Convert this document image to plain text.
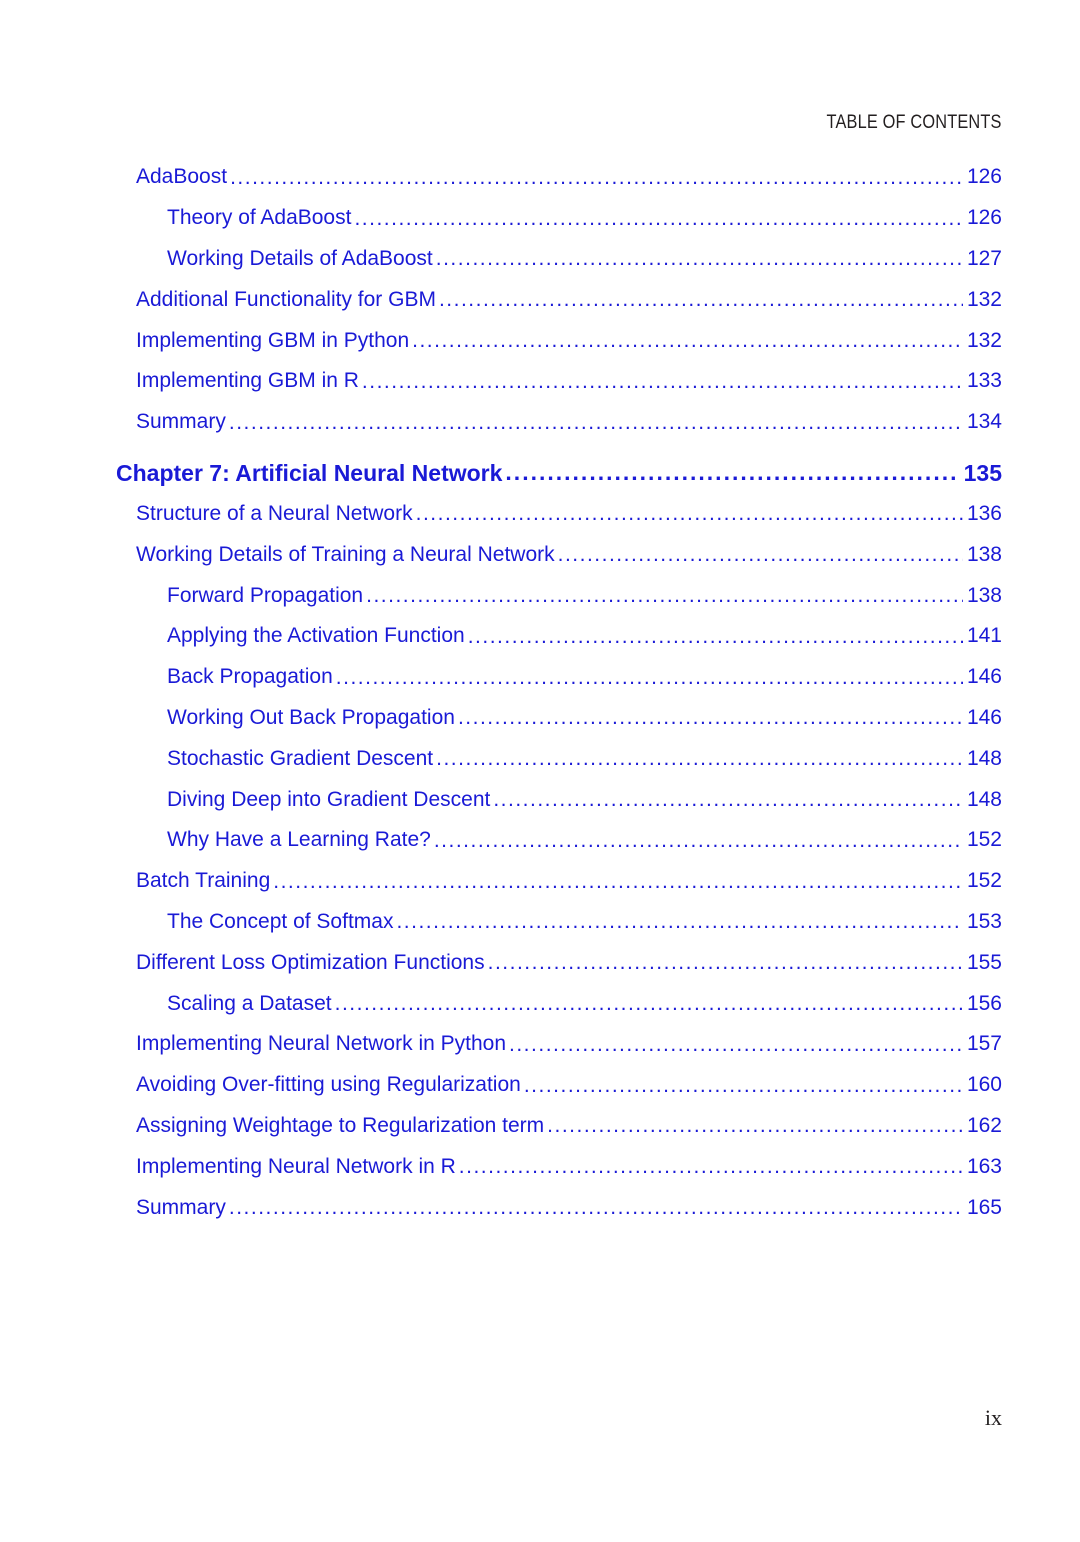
TABLE OF CONTENTS
AdaBoost .....	126
Theory of AdaBoost .....	126
Working Details of AdaBoost .....	127
Additional Functionality for GBM .....	132
Implementing GBM in Python .....	132
Implementing GBM in R .....	133
Summary .....	134
Chapter 7: Artificial Neural Network .....	135
Structure of a Neural Network .....	136
Working Details of Training a Neural Network .....	138
Forward Propagation .....	138
Applying the Activation Function .....	141
Back Propagation .....	146
Working Out Back Propagation .....	146
Stochastic Gradient Descent .....	148
Diving Deep into Gradient Descent .....	148
Why Have a Learning Rate? .....	152
Batch Training .....	152
The Concept of Softmax .....	153
Different Loss Optimization Functions .....	155
Scaling a Dataset .....	156
Implementing Neural Network in Python .....	157
Avoiding Over-fitting using Regularization .....	160
Assigning Weightage to Regularization term .....	162
Implementing Neural Network in R .....	163
Summary .....	165
ix
